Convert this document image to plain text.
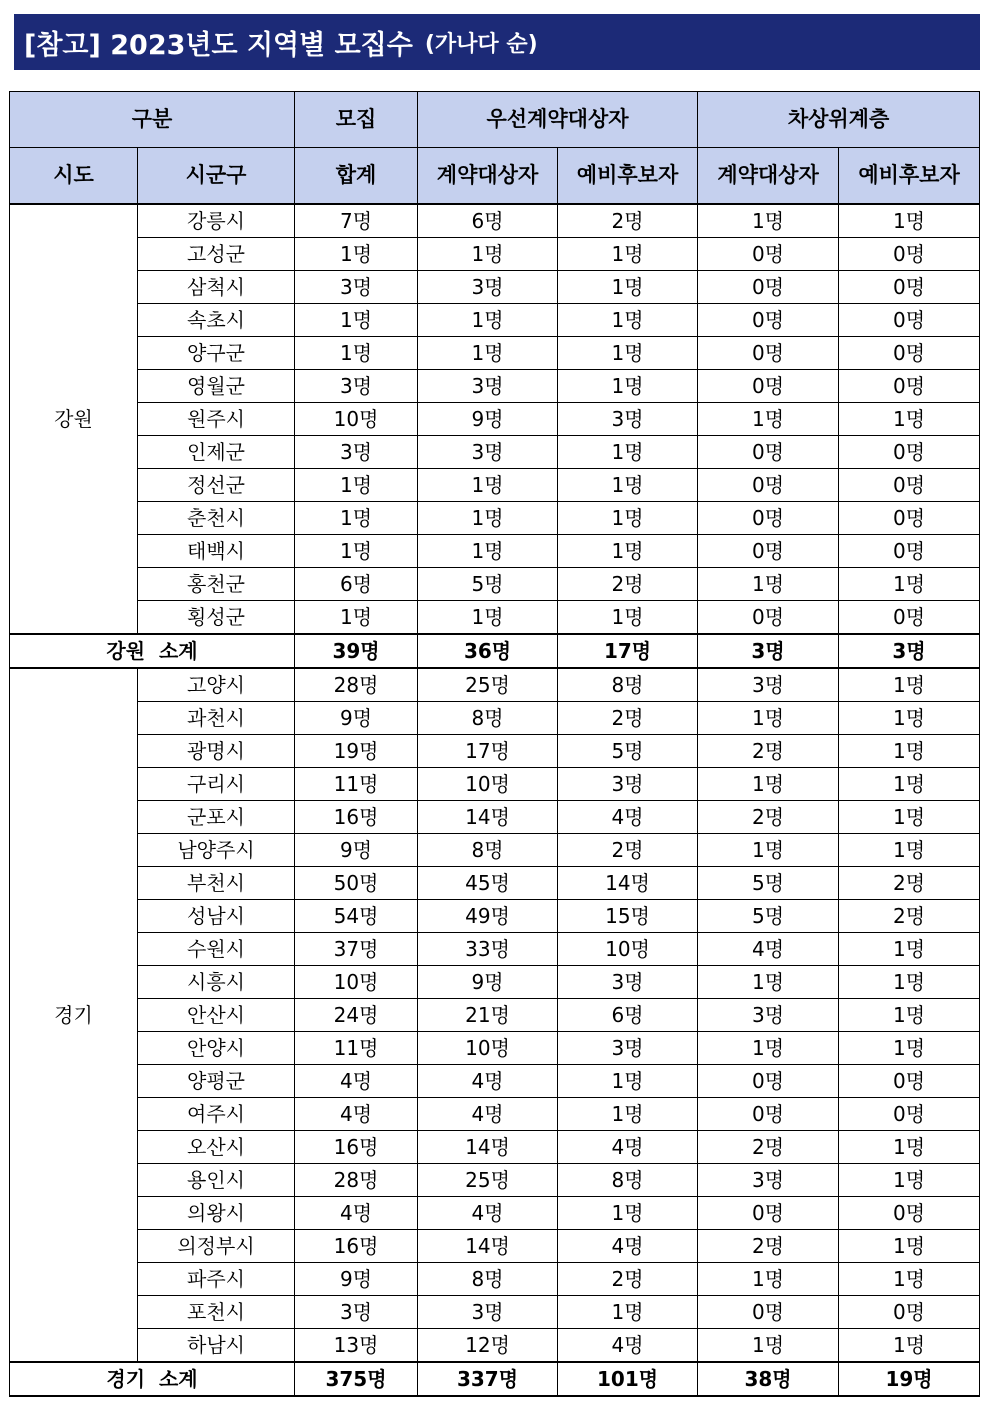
[참고] 2023년도 지역별 모집수 (가나다 순)
구분		모집	우선계약대상자		차상위계층	
시도	시군구	합계	계약대상자	예비후보자	계약대상자	예비후보자
강원	강릉시	7명	6명	2명	1명	1명
	고성군	1명	1명	1명	0명	0명
	삼척시	3명	3명	1명	0명	0명
	속초시	1명	1명	1명	0명	0명
	양구군	1명	1명	1명	0명	0명
	영월군	3명	3명	1명	0명	0명
	원주시	10명	9명	3명	1명	1명
	인제군	3명	3명	1명	0명	0명
	정선군	1명	1명	1명	0명	0명
	춘천시	1명	1명	1명	0명	0명
	태백시	1명	1명	1명	0명	0명
	홍천군	6명	5명	2명	1명	1명
	횡성군	1명	1명	1명	0명	0명
강원  소계		39명	36명	17명	3명	3명
경기	고양시	28명	25명	8명	3명	1명
	과천시	9명	8명	2명	1명	1명
	광명시	19명	17명	5명	2명	1명
	구리시	11명	10명	3명	1명	1명
	군포시	16명	14명	4명	2명	1명
	남양주시	9명	8명	2명	1명	1명
	부천시	50명	45명	14명	5명	2명
	성남시	54명	49명	15명	5명	2명
	수원시	37명	33명	10명	4명	1명
	시흥시	10명	9명	3명	1명	1명
	안산시	24명	21명	6명	3명	1명
	안양시	11명	10명	3명	1명	1명
	양평군	4명	4명	1명	0명	0명
	여주시	4명	4명	1명	0명	0명
	오산시	16명	14명	4명	2명	1명
	용인시	28명	25명	8명	3명	1명
	의왕시	4명	4명	1명	0명	0명
	의정부시	16명	14명	4명	2명	1명
	파주시	9명	8명	2명	1명	1명
	포천시	3명	3명	1명	0명	0명
	하남시	13명	12명	4명	1명	1명
경기  소계		375명	337명	101명	38명	19명
